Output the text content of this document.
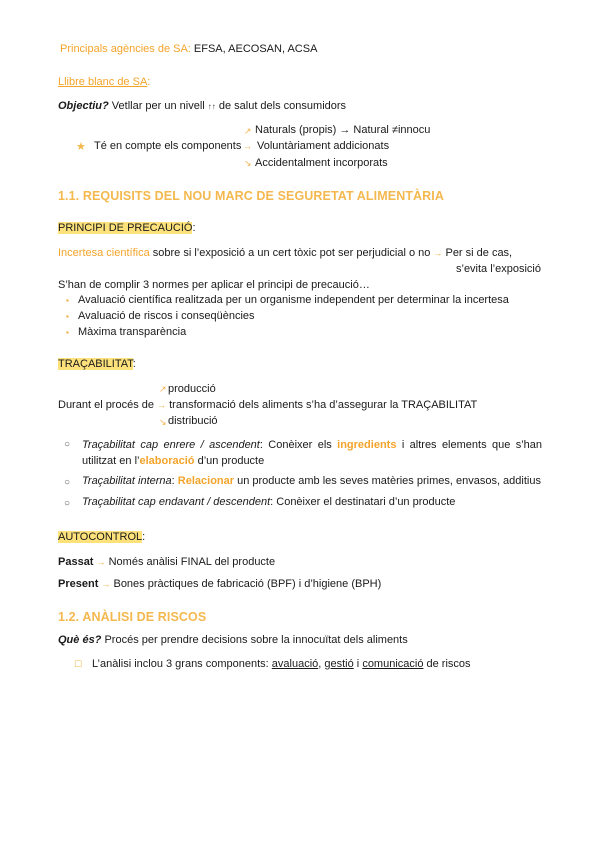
Principals agències de SA: EFSA, AECOSAN, ACSA
Llibre blanc de SA:
Objectiu? Vetllar per un nivell ↑↑ de salut dels consumidors
↗ Naturals (propis) → Natural ≠innocu
★ Té en compte els components → Voluntàriament addicionats
↘ Accidentalment incorporats
1.1. REQUISITS DEL NOU MARC DE SEGURETAT ALIMENTÀRIA
PRINCIPI DE PRECAUCIÓ:
Incertesa científica sobre si l’exposició a un cert tòxic pot ser perjudicial o no → Per si de cas,
s’evita l’exposició
S’han de complir 3 normes per aplicar el principi de precaució…
▪ Avaluació científica realitzada per un organisme independent per determinar la incertesa
▪ Avaluació de riscos i conseqüències
▪ Màxima transparència
TRAÇABILITAT:
↗ producció
Durant el procés de → transformació dels aliments s’ha d’assegurar la TRAÇABILITAT
↘ distribució
○	Traçabilitat cap enrere / ascendent: Conèixer els ingredients i altres elements que s’han utilitzat en l’elaboració d’un producte
○	Traçabilitat interna: Relacionar un producte amb les seves matèries primes, envasos, additius
○	Traçabilitat cap endavant / descendent: Conèixer el destinatari d’un producte
AUTOCONTROL:
Passat → Només anàlisi FINAL del producte
Present → Bones pràctiques de fabricació (BPF) i d’higiene (BPH)
1.2. ANÀLISI DE RISCOS
Què és? Procés per prendre decisions sobre la innocuïtat dels aliments
☐ L’anàlisi inclou 3 grans components: avaluació, gestió i comunicació de riscos
